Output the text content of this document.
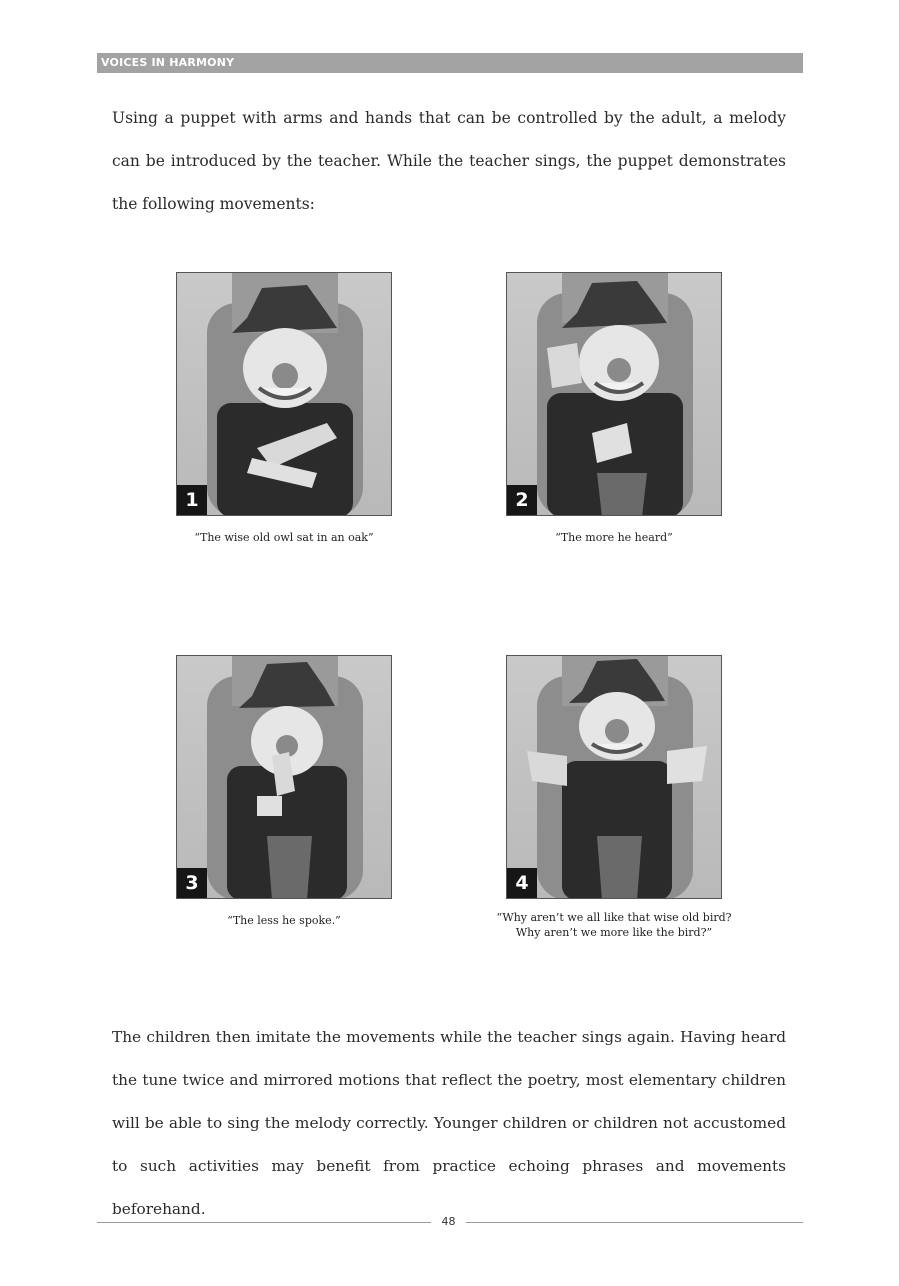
VOICES IN HARMONY

Using a puppet with arms and hands that can be controlled by the adult, a melody can be introduced by the teacher. While the teacher sings, the puppet demonstrates the following movements:

1
“The wise old owl sat in an oak”
2
“The more he heard”
3
“The less he spoke.”
4
“Why aren’t we all like that wise old bird?
Why aren’t we more like the bird?”

The children then imitate the movements while the teacher sings again. Having heard the tune twice and mirrored motions that reflect the poetry, most elementary children will be able to sing the melody correctly. Younger children or children not accustomed to such activities may benefit from practice echoing phrases and movements beforehand.

48
